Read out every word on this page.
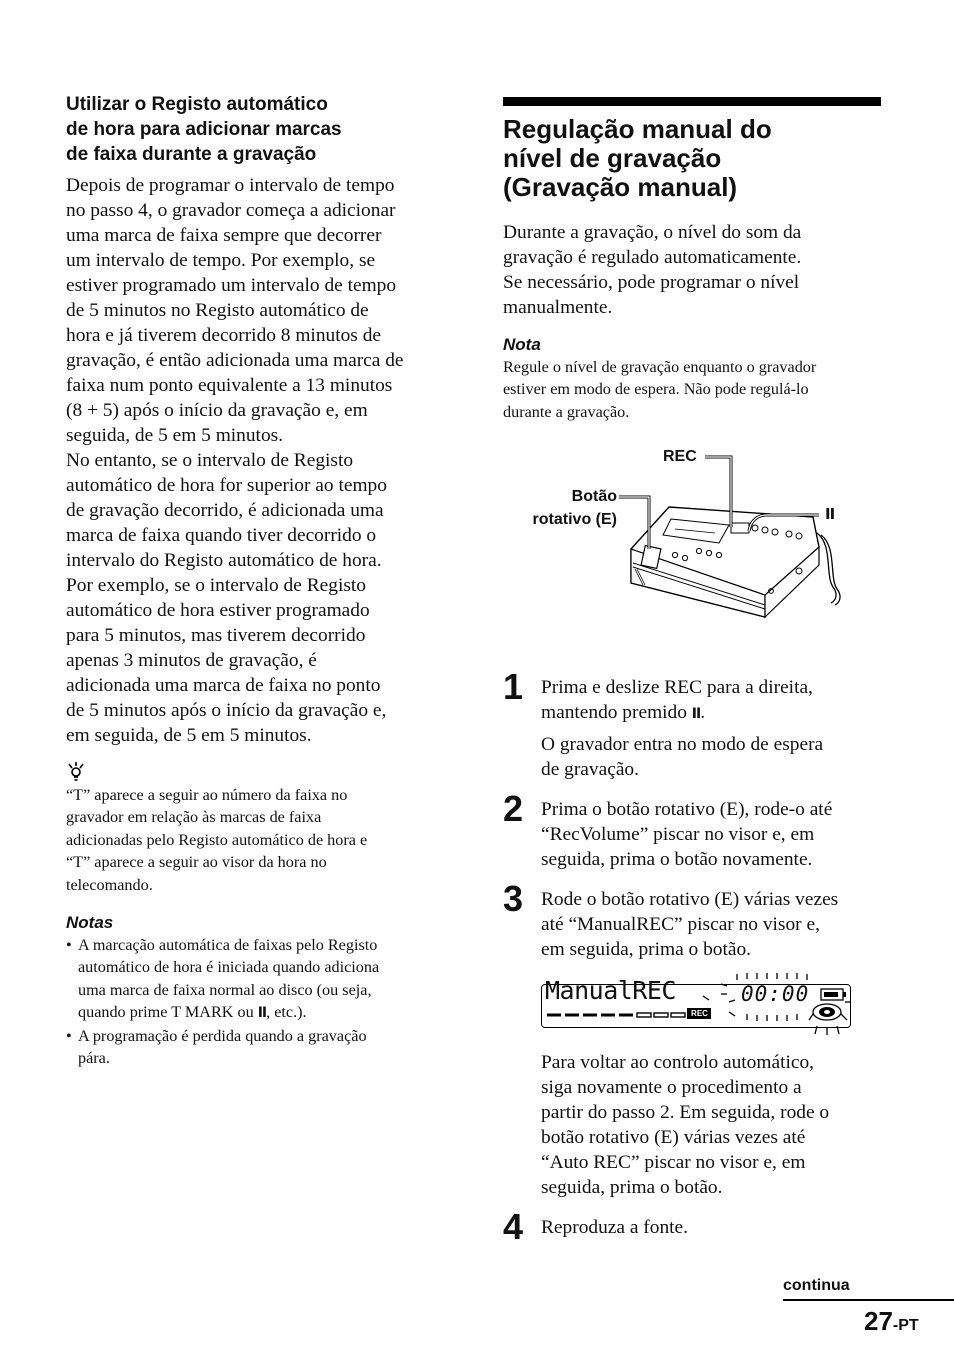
Utilizar o Registo automático
de hora para adicionar marcas
de faixa durante a gravação

Depois de programar o intervalo de tempo
no passo 4, o gravador começa a adicionar
uma marca de faixa sempre que decorrer
um intervalo de tempo. Por exemplo, se
estiver programado um intervalo de tempo
de 5 minutos no Registo automático de
hora e já tiverem decorrido 8 minutos de
gravação, é então adicionada uma marca de
faixa num ponto equivalente a 13 minutos
(8 + 5) após o início da gravação e, em
seguida, de 5 em 5 minutos.

No entanto, se o intervalo de Registo
automático de hora for superior ao tempo
de gravação decorrido, é adicionada uma
marca de faixa quando tiver decorrido o
intervalo do Registo automático de hora.
Por exemplo, se o intervalo de Registo
automático de hora estiver programado
para 5 minutos, mas tiverem decorrido
apenas 3 minutos de gravação, é
adicionada uma marca de faixa no ponto
de 5 minutos após o início da gravação e,
em seguida, de 5 em 5 minutos.

“T” aparece a seguir ao número da faixa no
gravador em relação às marcas de faixa
adicionadas pelo Registo automático de hora e
“T” aparece a seguir ao visor da hora no
telecomando.

Notas

• A marcação automática de faixas pelo Registo
automático de hora é iniciada quando adiciona
uma marca de faixa normal ao disco (ou seja,
quando prime T MARK ou II, etc.).
• A programação é perdida quando a gravação
pára.
Regulação manual do
nível de gravação
(Gravação manual)

Durante a gravação, o nível do som da
gravação é regulado automaticamente.
Se necessário, pode programar o nível
manualmente.

Nota

Regule o nível de gravação enquanto o gravador
estiver em modo de espera. Não pode regulá-lo
durante a gravação.

REC
Botão
rotativo (E)	II
1 Prima e deslize REC para a direita,
mantendo premido II.
O gravador entra no modo de espera
de gravação.
2 Prima o botão rotativo (E), rode-o até
“RecVolume” piscar no visor e, em
seguida, prima o botão novamente.
3 Rode o botão rotativo (E) várias vezes
até “ManualREC” piscar no visor e,
em seguida, prima o botão.
ManualREC	00:00
REC
Para voltar ao controlo automático,
siga novamente o procedimento a
partir do passo 2. Em seguida, rode o
botão rotativo (E) várias vezes até
“Auto REC” piscar no visor e, em
seguida, prima o botão.
4 Reproduza a fonte.
continua
27-PT
